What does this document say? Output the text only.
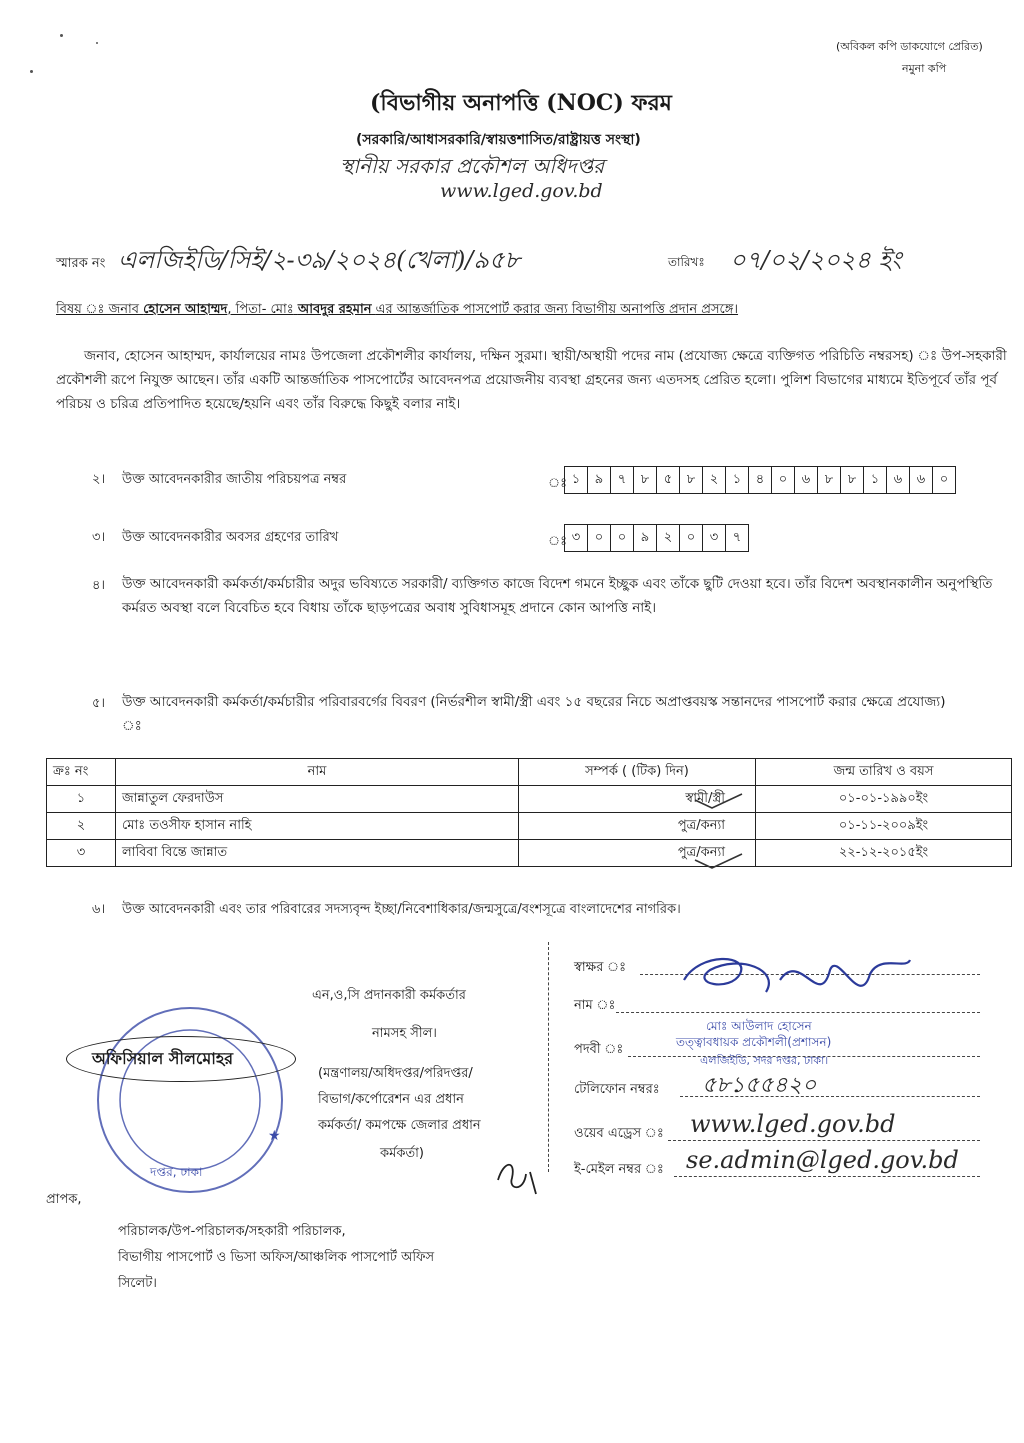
(অবিকল কপি ডাকযোগে প্রেরিত)
নমুনা কপি
(বিভাগীয় অনাপত্তি (NOC) ফরম
(সরকারি/আধাসরকারি/স্বায়ত্তশাসিত/রাষ্ট্রায়ত্ত সংস্থা)
স্থানীয় সরকার প্রকৌশল অধিদপ্তর
www.lged.gov.bd
স্মারক নং এলজিইডি/সিই/২-৩৯/২০২৪(খেলা)/৯৫৮	তারিখঃ ০৭/০২/২০২৪ ইং
বিষয় ঃ জনাব হোসেন আহাম্মদ, পিতা- মোঃ আবদুর রহমান এর আন্তর্জাতিক পাসপোর্ট করার জন্য বিভাগীয় অনাপত্তি প্রদান প্রসঙ্গে।
জনাব, হোসেন আহাম্মদ, কার্যালয়ের নামঃ উপজেলা প্রকৌশলীর কার্যালয়, দক্ষিন সুরমা। স্থায়ী/অস্থায়ী পদের নাম (প্রযোজ্য ক্ষেত্রে ব্যক্তিগত পরিচিতি নম্বরসহ) ঃ উপ-সহকারী প্রকৌশলী রূপে নিযুক্ত আছেন। তাঁর একটি আন্তর্জাতিক পাসপোর্টের আবেদনপত্র প্রয়োজনীয় ব্যবস্থা গ্রহনের জন্য এতদসহ প্রেরিত হলো। পুলিশ বিভাগের মাধ্যমে ইতিপূর্বে তাঁর পূর্ব পরিচয় ও চরিত্র প্রতিপাদিত হয়েছে/হয়নি এবং তাঁর বিরুদ্ধে কিছুই বলার নাই।
২। উক্ত আবেদনকারীর জাতীয় পরিচয়পত্র নম্বর	ঃ ১	৯	৭	৮	৫	৮	২	১	৪	০	৬	৮	৮	১	৬	৬	০
৩। উক্ত আবেদনকারীর অবসর গ্রহণের তারিখ	ঃ ৩	০	০	৯	২	০	৩	৭
৪। উক্ত আবেদনকারী কর্মকর্তা/কর্মচারীর অদুর ভবিষ্যতে সরকারী/ ব্যক্তিগত কাজে বিদেশ গমনে ইচ্ছুক এবং তাঁকে ছুটি দেওয়া হবে। তাঁর বিদেশ অবস্থানকালীন অনুপস্থিতি কর্মরত অবস্থা বলে বিবেচিত হবে বিধায় তাঁকে ছাড়পত্রের অবাধ সুবিধাসমূহ প্রদানে কোন আপত্তি নাই।
৫। উক্ত আবেদনকারী কর্মকর্তা/কর্মচারীর পরিবারবর্গের বিবরণ (নির্ভরশীল স্বামী/স্ত্রী এবং ১৫ বছরের নিচে অপ্রাপ্তবয়স্ক সন্তানদের পাসপোর্ট করার ক্ষেত্রে প্রযোজ্য) ঃ
ক্রঃ নং	নাম	সম্পর্ক ( (টিক) দিন)	জন্ম তারিখ ও বয়স
১	জান্নাতুল ফেরদাউস	স্বামী/স্ত্রী	০১-০১-১৯৯০ইং
২	মোঃ তওসীফ হাসান নাহি	পুত্র/কন্যা	০১-১১-২০০৯ইং
৩	লাবিবা বিন্তে জান্নাত	পুত্র/কন্যা	২২-১২-২০১৫ইং
৬। উক্ত আবেদনকারী এবং তার পরিবারের সদস্যবৃন্দ ইচ্ছা/নিবেশাধিকার/জন্মসুত্রে/বংশসূত্রে বাংলাদেশের নাগরিক।
এন,ও,সি প্রদানকারী কর্মকর্তার
নামসহ সীল।
(মন্ত্রণালয়/অধিদপ্তর/পরিদপ্তর/
বিভাগ/কর্পোরেশন এর প্রধান
কর্মকর্তা/ কমপক্ষে জেলার প্রধান
কর্মকর্তা)
★
দপ্তর, ঢাকা
অফিসিয়াল সীলমোহর
স্বাক্ষর ঃ
নাম ঃ
মোঃ আউলাদ হোসেন
পদবী ঃ	তত্ত্বাবধায়ক প্রকৌশলী(প্রশাসন)
এলজিইডি, সদর দপ্তর, ঢাকা।
টেলিফোন নম্বরঃ ৫৮১৫৫৪২০
ওয়েব এড্রেস ঃ www.lged.gov.bd
ই-মেইল নম্বর ঃ se.admin@lged.gov.bd
প্রাপক,
পরিচালক/উপ-পরিচালক/সহকারী পরিচালক,
বিভাগীয় পাসপোর্ট ও ভিসা অফিস/আঞ্চলিক পাসপোর্ট অফিস
সিলেট।
